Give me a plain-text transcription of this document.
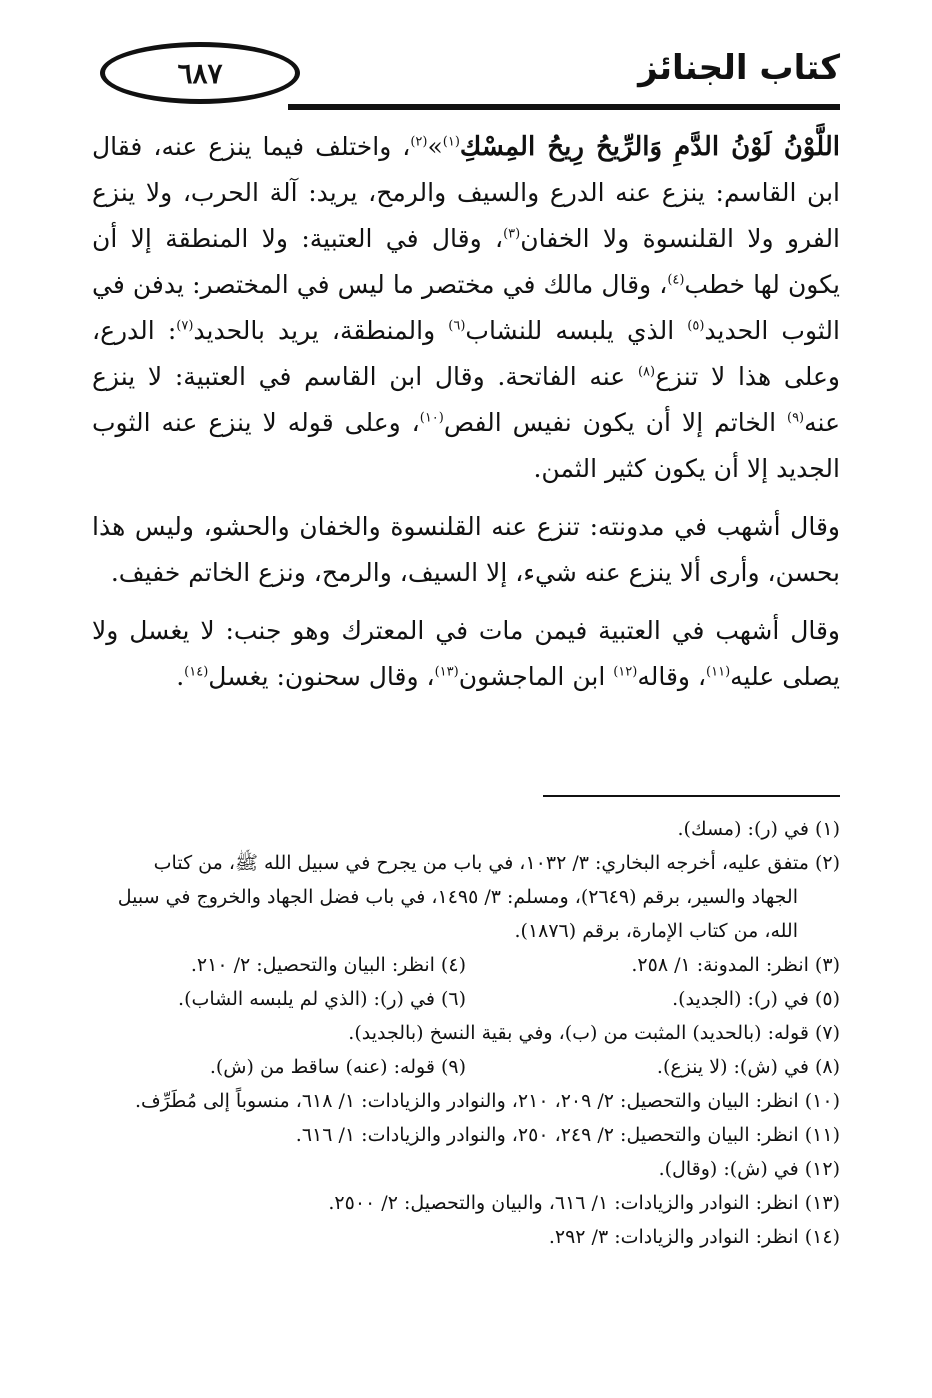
٦٨٧	كتاب الجنائز

اللَّوْنُ لَوْنُ الدَّمِ وَالرِّيحُ رِيحُ المِسْكِ$^{(١)}$»$^{(٢)}$، واختلف فيما ينزع عنه، فقال ابن القاسم: ينزع عنه الدرع والسيف والرمح، يريد: آلة الحرب، ولا ينزع الفرو ولا القلنسوة ولا الخفان$^{(٣)}$، وقال في العتبية: ولا المنطقة إلا أن يكون لها خطب$^{(٤)}$، وقال مالك في مختصر ما ليس في المختصر: يدفن في الثوب الحديد$^{(٥)}$ الذي يلبسه للنشاب$^{(٦)}$ والمنطقة، يريد بالحديد$^{(٧)}$: الدرع، وعلى هذا لا تنزع$^{(٨)}$ عنه الفاتحة. وقال ابن القاسم في العتبية: لا ينزع عنه$^{(٩)}$ الخاتم إلا أن يكون نفيس الفص$^{(١٠)}$، وعلى قوله لا ينزع عنه الثوب الجديد إلا أن يكون كثير الثمن.

وقال أشهب في مدونته: تنزع عنه القلنسوة والخفان والحشو، وليس هذا بحسن، وأرى ألا ينزع عنه شيء، إلا السيف، والرمح، ونزع الخاتم خفيف.

وقال أشهب في العتبية فيمن مات في المعترك وهو جنب: لا يغسل ولا يصلى عليه$^{(١١)}$، وقاله$^{(١٢)}$ ابن الماجشون$^{(١٣)}$، وقال سحنون: يغسل$^{(١٤)}$.

(١) في (ر): (مسك).

(٢) متفق عليه، أخرجه البخاري: ٣/ ١٠٣٢، في باب من يجرح في سبيل الله ﷺ، من كتاب

الجهاد والسير، برقم (٢٦٤٩)، ومسلم: ٣/ ١٤٩٥، في باب فضل الجهاد والخروج في سبيل

الله، من كتاب الإمارة، برقم (١٨٧٦).

(٣) انظر: المدونة: ١/ ٢٥٨.
(٤) انظر: البيان والتحصيل: ٢/ ٢١٠.
(٥) في (ر): (الجديد).
(٦) في (ر): (الذي لم يلبسه الشاب).

(٧) قوله: (بالحديد) المثبت من (ب)، وفي بقية النسخ (بالجديد).

(٨) في (ش): (لا ينزع).
(٩) قوله: (عنه) ساقط من (ش).

(١٠) انظر: البيان والتحصيل: ٢/ ٢٠٩، ٢١٠، والنوادر والزيادات: ١/ ٦١٨، منسوباً إلى مُطَرِّف.

(١١) انظر: البيان والتحصيل: ٢/ ٢٤٩، ٢٥٠، والنوادر والزيادات: ١/ ٦١٦.

(١٢) في (ش): (وقال).

(١٣) انظر: النوادر والزيادات: ١/ ٦١٦، والبيان والتحصيل: ٢/ ٢٥٠٠.

(١٤) انظر: النوادر والزيادات: ٣/ ٢٩٢.
